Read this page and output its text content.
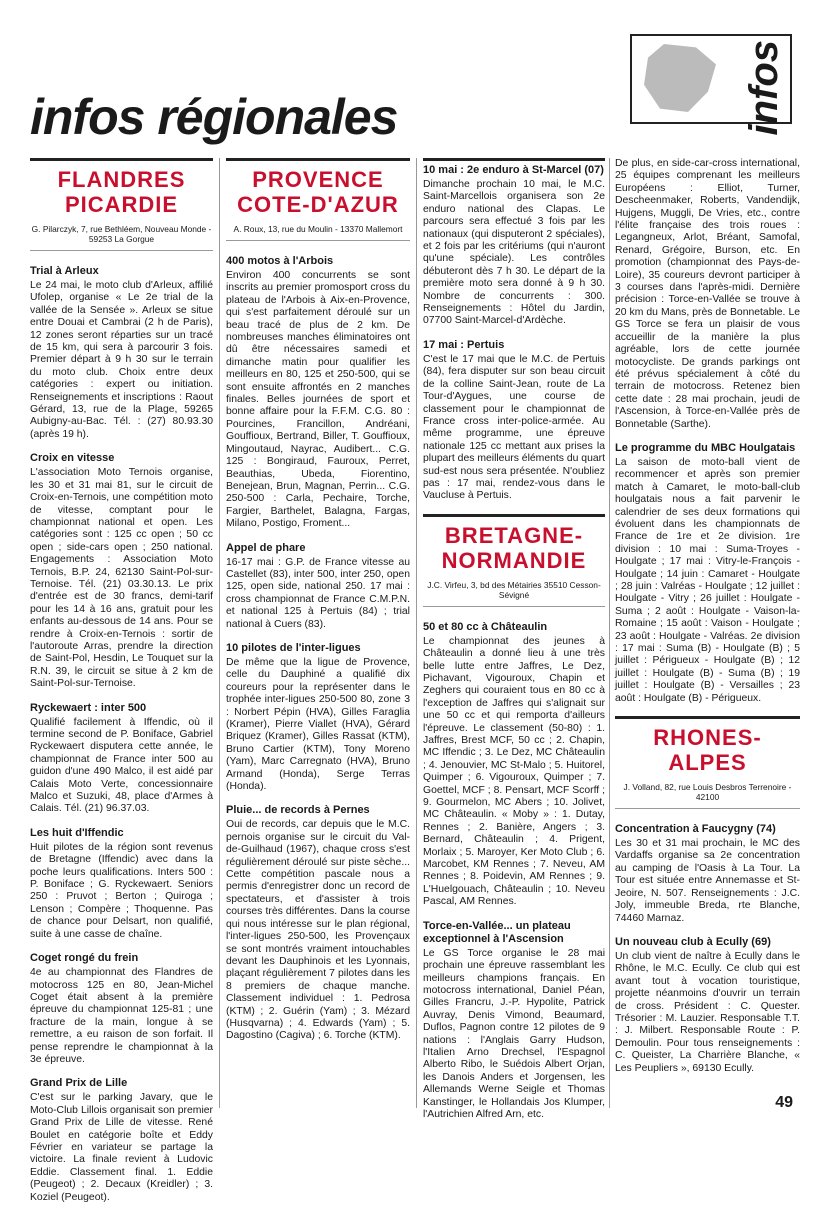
infos
infos régionales
FLANDRES PICARDIE
G. Pilarczyk, 7, rue Bethléem, Nouveau Monde - 59253 La Gorgue
Trial à Arleux

Le 24 mai, le moto club d'Arleux, affilié Ufolep, organise « Le 2e trial de la vallée de la Sensée ». Arleux se situe entre Douai et Cambrai (2 h de Paris), 12 zones seront réparties sur un tracé de 15 km, qui sera à parcourir 3 fois. Premier départ à 9 h 30 sur le terrain du moto club. Choix entre deux catégories : expert ou initiation. Renseignements et inscriptions : Raout Gérard, 13, rue de la Plage, 59265 Aubigny-au-Bac. Tél. : (27) 80.93.30 (après 19 h).

Croix en vitesse

L'association Moto Ternois organise, les 30 et 31 mai 81, sur le circuit de Croix-en-Ternois, une compétition moto de vitesse, comptant pour le championnat national et open. Les catégories sont : 125 cc open ; 50 cc open ; side-cars open ; 250 national. Engagements : Association Moto Ternois, B.P. 24, 62130 Saint-Pol-sur-Ternoise. Tél. (21) 03.30.13. Le prix d'entrée est de 30 francs, demi-tarif pour les 14 à 16 ans, gratuit pour les enfants au-dessous de 14 ans. Pour se rendre à Croix-en-Ternois : sortir de l'autoroute Arras, prendre la direction de Saint-Pol, Hesdin, Le Touquet sur la R.N. 39, le circuit se situe à 2 km de Saint-Pol-sur-Ternoise.

Ryckewaert : inter 500

Qualifié facilement à Iffendic, où il termine second de P. Boniface, Gabriel Ryckewaert disputera cette année, le championnat de France inter 500 au guidon d'une 490 Malco, il est aidé par Calais Moto Verte, concessionnaire Malco et Suzuki, 48, place d'Armes à Calais. Tél. (21) 96.37.03.

Les huit d'Iffendic

Huit pilotes de la région sont revenus de Bretagne (Iffendic) avec dans la poche leurs qualifications. Inters 500 : P. Boniface ; G. Ryckewaert. Seniors 250 : Pruvot ; Berton ; Quiroga ; Lenson ; Compère ; Thoquenne. Pas de chance pour Delsart, non qualifié, suite à une casse de chaîne.

Coget rongé du frein

4e au championnat des Flandres de motocross 125 en 80, Jean-Michel Coget était absent à la première épreuve du championnat 125-81 ; une fracture de la main, longue à se remettre, a eu raison de son forfait. Il pense reprendre le championnat à la 3e épreuve.

Grand Prix de Lille

C'est sur le parking Javary, que le Moto-Club Lillois organisait son premier Grand Prix de Lille de vitesse. René Boulet en catégorie boîte et Eddy Février en variateur se partage la victoire. La finale revient à Ludovic Eddie. Classement final. 1. Eddie (Peugeot) ; 2. Decaux (Kreidler) ; 3. Koziel (Peugeot).

PROVENCE COTE-D'AZUR
A. Roux, 13, rue du Moulin - 13370 Mallemort
400 motos à l'Arbois

Environ 400 concurrents se sont inscrits au premier promosport cross du plateau de l'Arbois à Aix-en-Provence, qui s'est parfaitement déroulé sur un beau tracé de plus de 2 km. De nombreuses manches éliminatoires ont dû être nécessaires samedi et dimanche matin pour qualifier les meilleurs en 80, 125 et 250-500, qui se sont ensuite affrontés en 2 manches finales. Belles journées de sport et bonne affaire pour la F.F.M. C.G. 80 : Pourcines, Francillon, Andréani, Gouffioux, Bertrand, Biller, T. Gouffioux, Mingoutaud, Nayrac, Audibert... C.G. 125 : Bongiraud, Fauroux, Perret, Beauthias, Ubeda, Fiorentino, Benejean, Brun, Magnan, Perrin... C.G. 250-500 : Carla, Pechaire, Torche, Fargier, Barthelet, Balagna, Fargas, Milano, Postigo, Froment...

Appel de phare

16-17 mai : G.P. de France vitesse au Castellet (83), inter 500, inter 250, open 125, open side, national 250. 17 mai : cross championnat de France C.M.P.N. et national 125 à Pertuis (84) ; trial national à Cuers (83).

10 pilotes de l'inter-ligues

De même que la ligue de Provence, celle du Dauphiné a qualifié dix coureurs pour la représenter dans le trophée inter-ligues 250-500 80, zone 3 : Norbert Pépin (HVA), Gilles Faraglia (Kramer), Pierre Viallet (HVA), Gérard Briquez (Kramer), Gilles Rassat (KTM), Bruno Cartier (KTM), Tony Moreno (Yam), Marc Carregnato (HVA), Bruno Armand (Honda), Serge Terras (Honda).

Pluie... de records à Pernes

Oui de records, car depuis que le M.C. pernois organise sur le circuit du Val-de-Guilhaud (1967), chaque cross s'est régulièrement déroulé sur piste sèche... Cette compétition pascale nous a permis d'enregistrer donc un record de spectateurs, et d'assister à trois courses très différentes. Dans la course qui nous intéresse sur le plan régional, l'inter-ligues 250-500, les Provençaux se sont montrés vraiment intouchables devant les Dauphinois et les Lyonnais, plaçant régulièrement 7 pilotes dans les 8 premiers de chaque manche. Classement individuel : 1. Pedrosa (KTM) ; 2. Guérin (Yam) ; 3. Mézard (Husqvarna) ; 4. Edwards (Yam) ; 5. Dagostino (Cagiva) ; 6. Torche (KTM).

10 mai : 2e enduro à St-Marcel (07)

Dimanche prochain 10 mai, le M.C. Saint-Marcellois organisera son 2e enduro national des Clapas. Le parcours sera effectué 3 fois par les nationaux (qui disputeront 2 spéciales), et 2 fois par les critériums (qui n'auront qu'une spéciale). Les contrôles débuteront dès 7 h 30. Le départ de la première moto sera donné à 9 h 30. Nombre de concurrents : 300. Renseignements : Hôtel du Jardin, 07700 Saint-Marcel-d'Ardèche.

17 mai : Pertuis

C'est le 17 mai que le M.C. de Pertuis (84), fera disputer sur son beau circuit de la colline Saint-Jean, route de La Tour-d'Aygues, une course de classement pour le championnat de France cross inter-police-armée. Au même programme, une épreuve nationale 125 cc mettant aux prises la plupart des meilleurs éléments du quart sud-est nous sera présentée. N'oubliez pas : 17 mai, rendez-vous dans le Vaucluse à Pertuis.

BRETAGNE-NORMANDIE
J.C. Virfeu, 3, bd des Métairies 35510 Cesson-Sévigné
50 et 80 cc à Châteaulin

Le championnat des jeunes à Châteaulin a donné lieu à une très belle lutte entre Jaffres, Le Dez, Pichavant, Vigouroux, Chapin et Zeghers qui couraient tous en 80 cc à l'exception de Jaffres qui s'alignait sur une 50 cc et qui remporta d'ailleurs l'épreuve. Le classement (50-80) : 1. Jaffres, Brest MCF, 50 cc ; 2. Chapin, MC Iffendic ; 3. Le Dez, MC Châteaulin ; 4. Jenouvier, MC St-Malo ; 5. Huitorel, Quimper ; 6. Vigouroux, Quimper ; 7. Goettel, MCF ; 8. Pensart, MCF Scorff ; 9. Gourmelon, MC Abers ; 10. Jolivet, MC Châteaulin. « Moby » : 1. Dutay, Rennes ; 2. Banière, Angers ; 3. Bernard, Châteaulin ; 4. Prigent, Morlaix ; 5. Maroyer, Ker Moto Club ; 6. Marcobet, KM Rennes ; 7. Neveu, AM Rennes ; 8. Poidevin, AM Rennes ; 9. L'Huelgouach, Châteaulin ; 10. Neveu Pascal, AM Rennes.

Torce-en-Vallée... un plateau exceptionnel à l'Ascension

Le GS Torce organise le 28 mai prochain une épreuve rassemblant les meilleurs champions français. En motocross international, Daniel Péan, Gilles Francru, J.-P. Hypolite, Patrick Auvray, Denis Vimond, Beaumard, Duflos, Pagnon contre 12 pilotes de 9 nations : l'Anglais Garry Hudson, l'Italien Arno Drechsel, l'Espagnol Alberto Ribo, le Suédois Albert Orjan, les Danois Anders et Jorgensen, les Allemands Werne Seigle et Thomas Kanstinger, le Hollandais Jos Klumper, l'Autrichien Alfred Arn, etc.

De plus, en side-car-cross international, 25 équipes comprenant les meilleurs Européens : Elliot, Turner, Descheenmaker, Roberts, Vandendijk, Hujgens, Muggli, De Vries, etc., contre l'élite française des trois roues : Legangneux, Arlot, Bréant, Samofal, Renard, Grégoire, Burson, etc. En promotion (championnat des Pays-de-Loire), 35 coureurs devront participer à 3 courses dans l'après-midi. Dernière précision : Torce-en-Vallée se trouve à 20 km du Mans, près de Bonnetable. Le GS Torce se fera un plaisir de vous accueillir de la manière la plus agréable, lors de cette journée motocycliste. De grands parkings ont été prévus spécialement à côté du terrain de motocross. Retenez bien cette date : 28 mai prochain, jeudi de l'Ascension, à Torce-en-Vallée près de Bonnetable (Sarthe).

Le programme du MBC Houlgatais

La saison de moto-ball vient de recommencer et après son premier match à Camaret, le moto-ball-club houlgatais nous a fait parvenir le calendrier de ses deux formations qui évoluent dans les championnats de France de 1re et 2e division. 1re division : 10 mai : Suma-Troyes - Houlgate ; 17 mai : Vitry-le-François - Houlgate ; 14 juin : Camaret - Houlgate ; 28 juin : Valréas - Houlgate ; 12 juillet : Houlgate - Vitry ; 26 juillet : Houlgate - Suma ; 2 août : Houlgate - Vaison-la-Romaine ; 15 août : Vaison - Houlgate ; 23 août : Houlgate - Valréas. 2e division : 17 mai : Suma (B) - Houlgate (B) ; 5 juillet : Périgueux - Houlgate (B) ; 12 juillet : Houlgate (B) - Suma (B) ; 19 juillet : Houlgate (B) - Versailles ; 23 août : Houlgate (B) - Périgueux.

RHONES-ALPES
J. Volland, 82, rue Louis Desbros Terrenoire - 42100
Concentration à Faucygny (74)

Les 30 et 31 mai prochain, le MC des Vardaffs organise sa 2e concentration au camping de l'Oasis à La Tour. La Tour est située entre Annemasse et St-Jeoire, N. 507. Renseignements : J.C. Joly, immeuble Breda, rte Blanche, 74460 Marnaz.

Un nouveau club à Ecully (69)

Un club vient de naître à Ecully dans le Rhône, le M.C. Ecully. Ce club qui est avant tout à vocation touristique, projette néanmoins d'ouvrir un terrain de cross. Président : C. Quester. Trésorier : M. Lauzier. Responsable T.T. : J. Milbert. Responsable Route : P. Demoulin. Pour tous renseignements : C. Queister, La Charrière Blanche, « Les Peupliers », 69130 Ecully.

49
